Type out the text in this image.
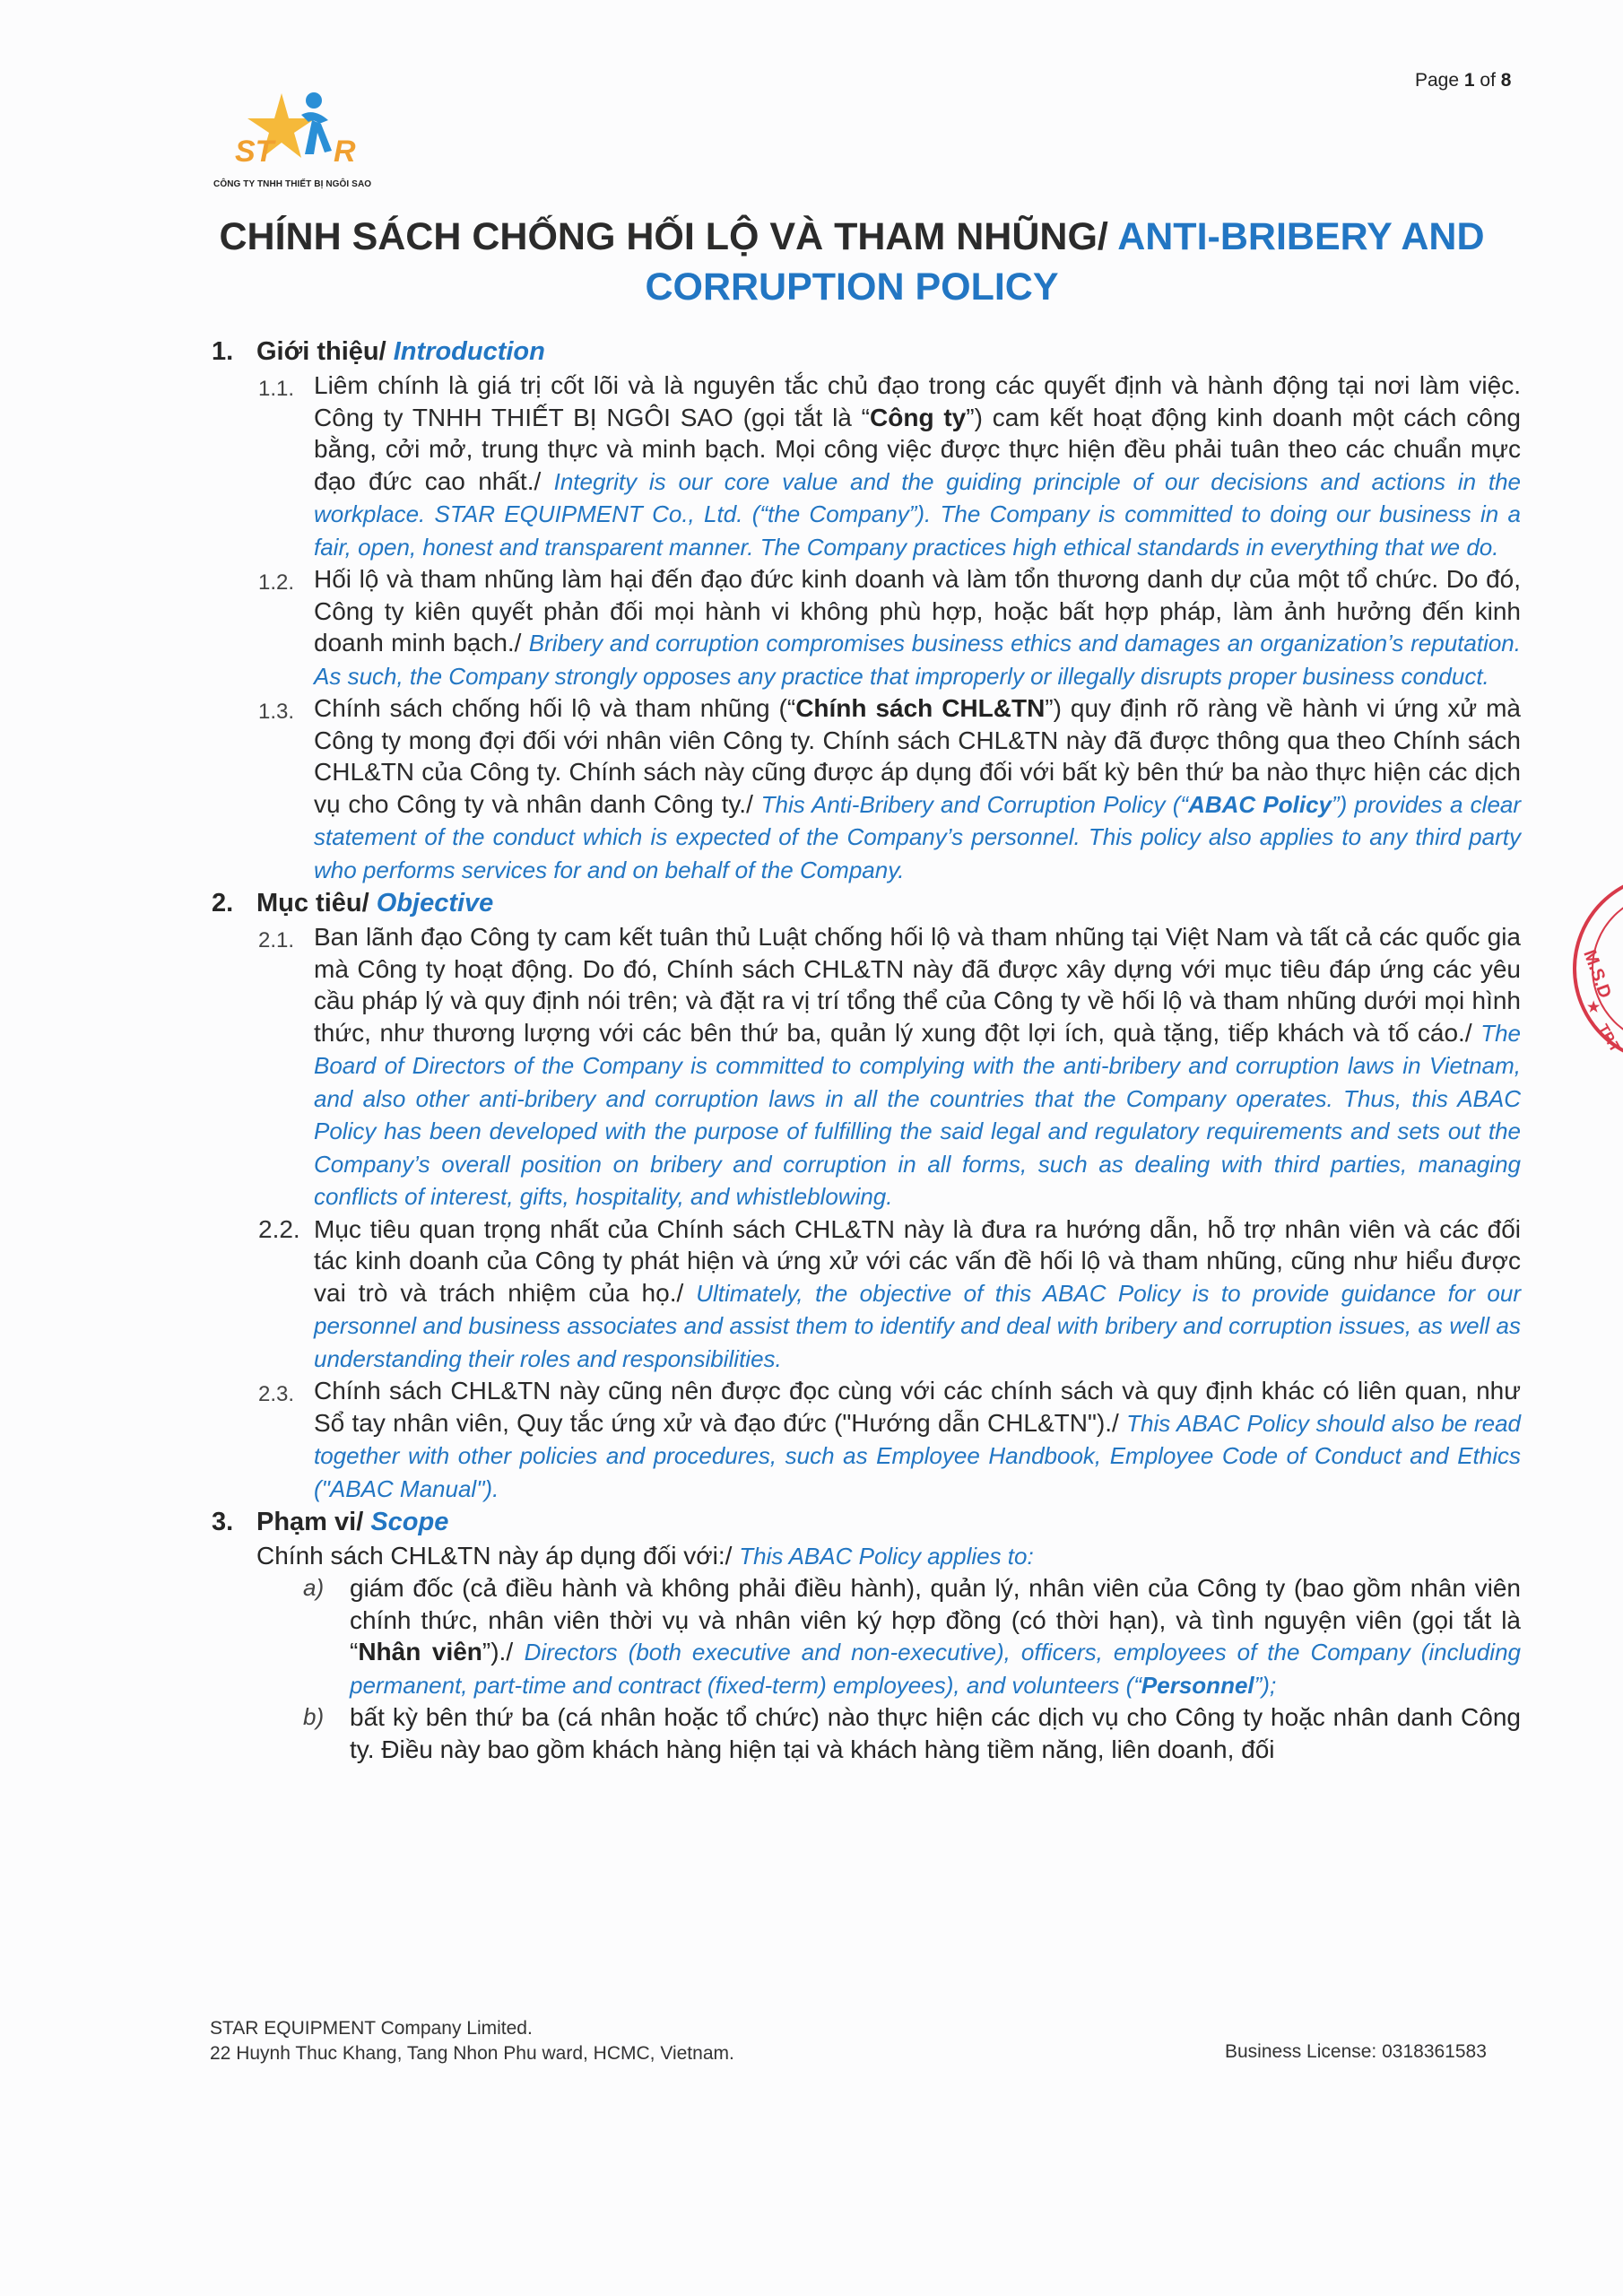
Page 1 of 8
ST R
CÔNG TY TNHH THIẾT BỊ NGÔI SAO
CHÍNH SÁCH CHỐNG HỐI LỘ VÀ THAM NHŨNG/ ANTI-BRIBERY AND CORRUPTION POLICY
1. Giới thiệu/ Introduction
1.1. Liêm chính là giá trị cốt lõi và là nguyên tắc chủ đạo trong các quyết định và hành động tại nơi làm việc. Công ty TNHH THIẾT BỊ NGÔI SAO (gọi tắt là “Công ty”) cam kết hoạt động kinh doanh một cách công bằng, cởi mở, trung thực và minh bạch. Mọi công việc được thực hiện đều phải tuân theo các chuẩn mực đạo đức cao nhất./ Integrity is our core value and the guiding principle of our decisions and actions in the workplace. STAR EQUIPMENT Co., Ltd. (“the Company”). The Company is committed to doing our business in a fair, open, honest and transparent manner. The Company practices high ethical standards in everything that we do.
1.2. Hối lộ và tham nhũng làm hại đến đạo đức kinh doanh và làm tổn thương danh dự của một tổ chức. Do đó, Công ty kiên quyết phản đối mọi hành vi không phù hợp, hoặc bất hợp pháp, làm ảnh hưởng đến kinh doanh minh bạch./ Bribery and corruption compromises business ethics and damages an organization’s reputation. As such, the Company strongly opposes any practice that improperly or illegally disrupts proper business conduct.
1.3. Chính sách chống hối lộ và tham nhũng (“Chính sách CHL&TN”) quy định rõ ràng về hành vi ứng xử mà Công ty mong đợi đối với nhân viên Công ty. Chính sách CHL&TN này đã được thông qua theo Chính sách CHL&TN của Công ty. Chính sách này cũng được áp dụng đối với bất kỳ bên thứ ba nào thực hiện các dịch vụ cho Công ty và nhân danh Công ty./ This Anti-Bribery and Corruption Policy (“ABAC Policy”) provides a clear statement of the conduct which is expected of the Company’s personnel. This policy also applies to any third party who performs services for and on behalf of the Company.
2. Mục tiêu/ Objective
2.1. Ban lãnh đạo Công ty cam kết tuân thủ Luật chống hối lộ và tham nhũng tại Việt Nam và tất cả các quốc gia mà Công ty hoạt động. Do đó, Chính sách CHL&TN này đã được xây dựng với mục tiêu đáp ứng các yêu cầu pháp lý và quy định nói trên; và đặt ra vị trí tổng thể của Công ty về hối lộ và tham nhũng dưới mọi hình thức, như thương lượng với các bên thứ ba, quản lý xung đột lợi ích, quà tặng, tiếp khách và tố cáo./ The Board of Directors of the Company is committed to complying with the anti-bribery and corruption laws in Vietnam, and also other anti-bribery and corruption laws in all the countries that the Company operates. Thus, this ABAC Policy has been developed with the purpose of fulfilling the said legal and regulatory requirements and sets out the Company’s overall position on bribery and corruption in all forms, such as dealing with third parties, managing conflicts of interest, gifts, hospitality, and whistleblowing.
2.2. Mục tiêu quan trọng nhất của Chính sách CHL&TN này là đưa ra hướng dẫn, hỗ trợ nhân viên và các đối tác kinh doanh của Công ty phát hiện và ứng xử với các vấn đề hối lộ và tham nhũng, cũng như hiểu được vai trò và trách nhiệm của họ./ Ultimately, the objective of this ABAC Policy is to provide guidance for our personnel and business associates and assist them to identify and deal with bribery and corruption issues, as well as understanding their roles and responsibilities.
2.3. Chính sách CHL&TN này cũng nên được đọc cùng với các chính sách và quy định khác có liên quan, như Sổ tay nhân viên, Quy tắc ứng xử và đạo đức ("Hướng dẫn CHL&TN")./ This ABAC Policy should also be read together with other policies and procedures, such as Employee Handbook, Employee Code of Conduct and Ethics ("ABAC Manual").
3. Phạm vi/ Scope
Chính sách CHL&TN này áp dụng đối với:/ This ABAC Policy applies to:
a) giám đốc (cả điều hành và không phải điều hành), quản lý, nhân viên của Công ty (bao gồm nhân viên chính thức, nhân viên thời vụ và nhân viên ký hợp đồng (có thời hạn), và tình nguyện viên (gọi tắt là “Nhân viên”)./ Directors (both executive and non-executive), officers, employees of the Company (including permanent, part-time and contract (fixed-term) employees), and volunteers (“Personnel”);
b) bất kỳ bên thứ ba (cá nhân hoặc tổ chức) nào thực hiện các dịch vụ cho Công ty hoặc nhân danh Công ty. Điều này bao gồm khách hàng hiện tại và khách hàng tiềm năng, liên doanh, đối
STAR EQUIPMENT Company Limited.
22 Huynh Thuc Khang, Tang Nhon Phu ward, HCMC, Vietnam.	Business License: 0318361583
M.S.D
★
TP.T
